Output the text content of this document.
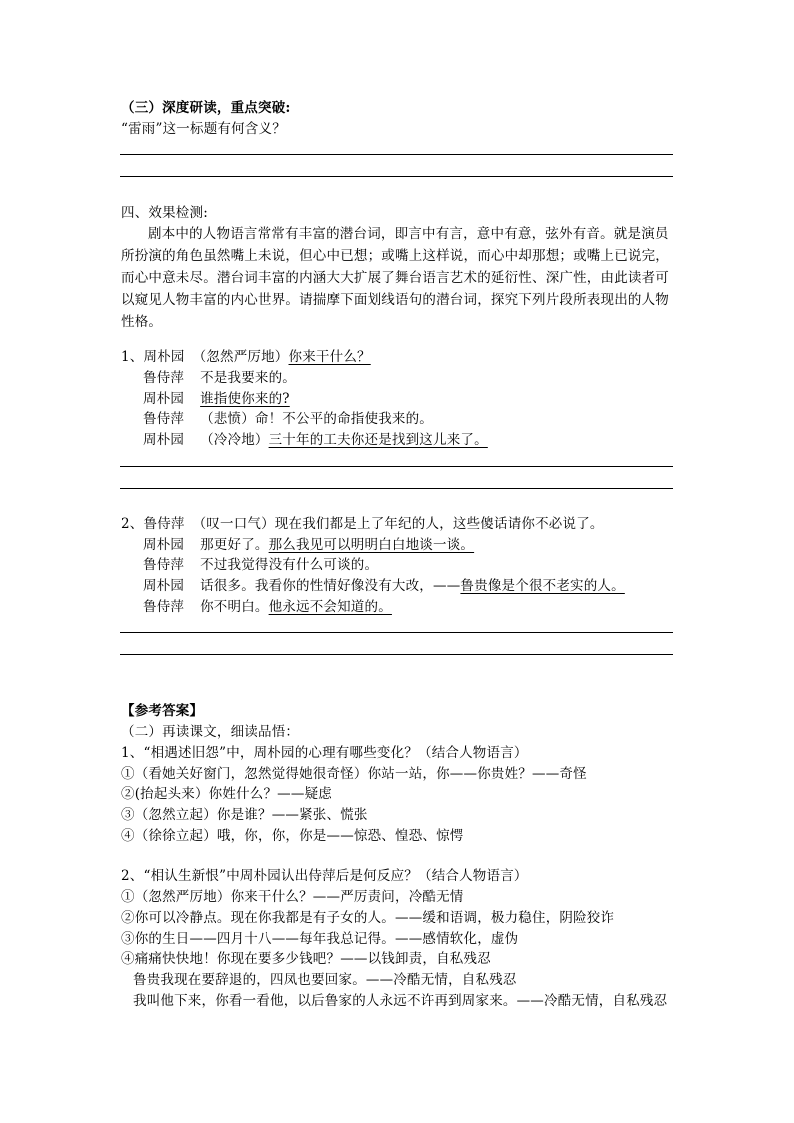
（三）深度研读，重点突破:
“雷雨”这一标题有何含义？
四、效果检测:
剧本中的人物语言常常有丰富的潜台词，即言中有言，意中有意，弦外有音。就是演员所扮演的角色虽然嘴上未说，但心中已想；或嘴上这样说，而心中却那想；或嘴上已说完，而心中意未尽。潜台词丰富的内涵大大扩展了舞台语言艺术的延衍性、深广性，由此读者可以窥见人物丰富的内心世界。请揣摩下面划线语句的潜台词，探究下列片段所表现出的人物性格。
1、周朴园 （忽然严厉地）你来干什么？
鲁侍萍 不是我要来的。
周朴园 谁指使你来的?
鲁侍萍 （悲愤）命！不公平的命指使我来的。
周朴园 （冷冷地）三十年的工夫你还是找到这儿来了。
2、鲁侍萍 （叹一口气）现在我们都是上了年纪的人，这些傻话请你不必说了。
周朴园 那更好了。那么我见可以明明白白地谈一谈。
鲁侍萍 不过我觉得没有什么可谈的。
周朴园 话很多。我看你的性情好像没有大改，——鲁贵像是个很不老实的人。
鲁侍萍 你不明白。他永远不会知道的。
【参考答案】
（二）再读课文，细读品悟：
1、“相遇述旧怨”中，周朴园的心理有哪些变化？（结合人物语言）
①（看她关好窗门，忽然觉得她很奇怪）你站一站，你——你贵姓？——奇怪
②(抬起头来）你姓什么？——疑虑
③（忽然立起）你是谁？——紧张、慌张
④（徐徐立起）哦，你，你，你是——惊恐、惶恐、惊愕
2、“相认生新恨”中周朴园认出侍萍后是何反应？（结合人物语言）
①（忽然严厉地）你来干什么？——严厉责问，冷酷无情
②你可以冷静点。现在你我都是有子女的人。——缓和语调，极力稳住，阴险狡诈
③你的生日——四月十八——每年我总记得。——感情软化，虚伪
④痛痛快快地！你现在要多少钱吧？——以钱卸责，自私残忍
鲁贵我现在要辞退的，四凤也要回家。——冷酷无情，自私残忍
我叫他下来，你看一看他，以后鲁家的人永远不许再到周家来。——冷酷无情，自私残忍
